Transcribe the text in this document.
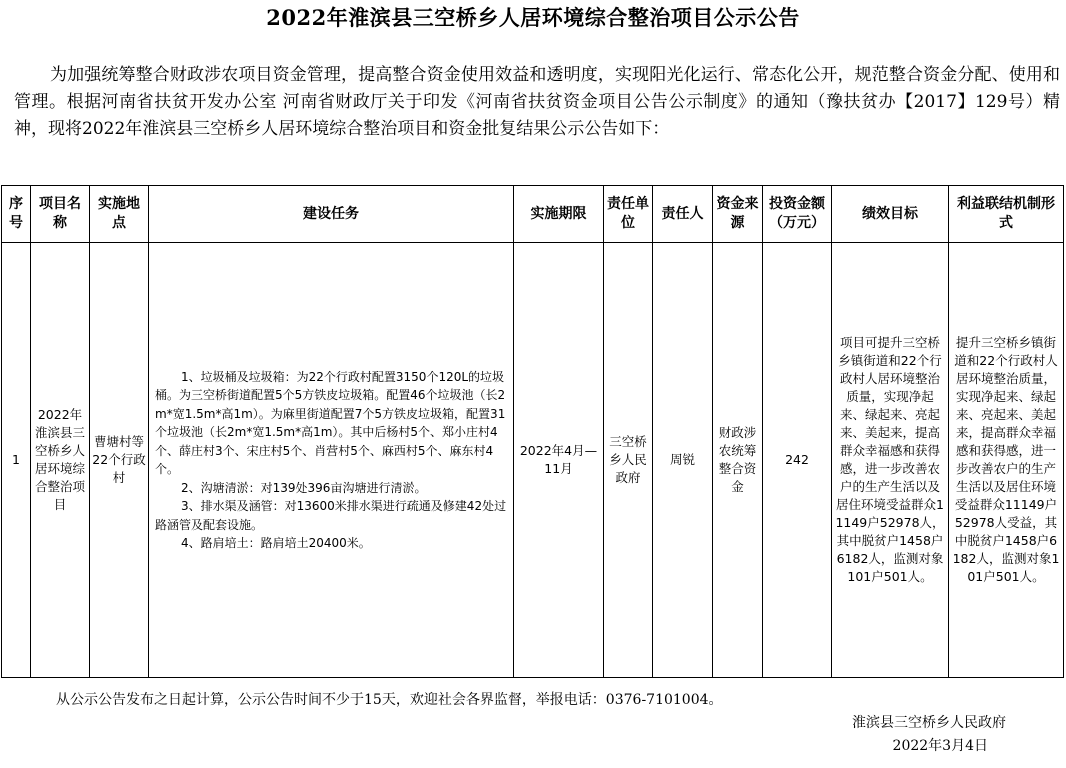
2022年淮滨县三空桥乡人居环境综合整治项目公示公告
为加强统筹整合财政涉农项目资金管理，提高整合资金使用效益和透明度，实现阳光化运行、常态化公开，规范整合资金分配、使用和管理。根据河南省扶贫开发办公室 河南省财政厅关于印发《河南省扶贫资金项目公告公示制度》的通知（豫扶贫办【2017】129号）精神，现将2022年淮滨县三空桥乡人居环境综合整治项目和资金批复结果公示公告如下：
序号	项目名称	实施地点	建设任务	实施期限	责任单位	责任人	资金来源	投资金额（万元）	绩效目标	利益联结机制形式
1	2022年淮滨县三空桥乡人居环境综合整治项目	曹塘村等22个行政村	1、垃圾桶及垃圾箱：为22个行政村配置3150个120L的垃圾桶。为三空桥街道配置5个5方铁皮垃圾箱。配置46个垃圾池（长2m*宽1.5m*高1m）。为麻里街道配置7个5方铁皮垃圾箱，配置31个垃圾池（长2m*宽1.5m*高1m）。其中后杨村5个、郑小庄村4个、薛庄村3个、宋庄村5个、肖营村5个、麻西村5个、麻东村4个。

2、沟塘清淤：对139处396亩沟塘进行清淤。

3、排水渠及涵管：对13600米排水渠进行疏通及修建42处过路涵管及配套设施。

4、路肩培土：路肩培土20400米。	2022年4月—11月	三空桥乡人民政府	周锐	财政涉农统筹整合资金	242	项目可提升三空桥乡镇街道和22个行政村人居环境整治质量，实现净起来、绿起来、亮起来、美起来，提高群众幸福感和获得感，进一步改善农户的生产生活以及居住环境受益群众11149户52978人，其中脱贫户1458户6182人，监测对象101户501人。	提升三空桥乡镇街道和22个行政村人居环境整治质量，实现净起来、绿起来、亮起来、美起来，提高群众幸福感和获得感，进一步改善农户的生产生活以及居住环境受益群众11149户52978人受益，其中脱贫户1458户6182人，监测对象101户501人。
从公示公告发布之日起计算，公示公告时间不少于15天，欢迎社会各界监督，举报电话：0376-7101004。
淮滨县三空桥乡人民政府
2022年3月4日
